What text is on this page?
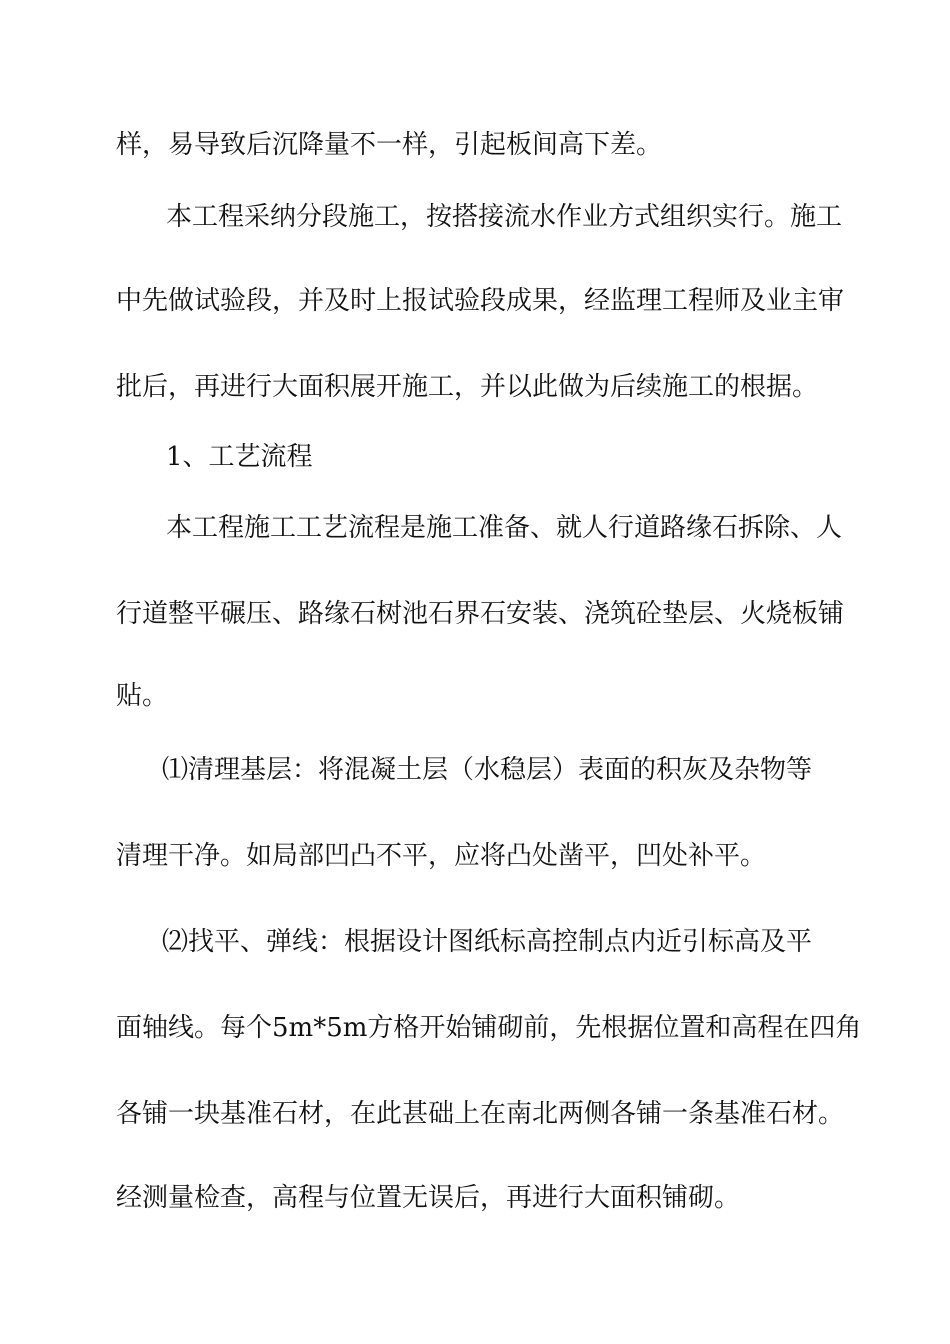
样，易导致后沉降量不一样，引起板间高下差。
本工程采纳分段施工，按搭接流水作业方式组织实行。施工
中先做试验段，并及时上报试验段成果，经监理工程师及业主审
批后，再进行大面积展开施工，并以此做为后续施工的根据。
1、工艺流程
本工程施工工艺流程是施工准备、就人行道路缘石拆除、人
行道整平碾压、路缘石树池石界石安装、浇筑砼垫层、火烧板铺
贴。
⑴清理基层：将混凝土层（水稳层）表面的积灰及杂物等
清理干净。如局部凹凸不平，应将凸处凿平，凹处补平。
⑵找平、弹线：根据设计图纸标高控制点内近引标高及平
面轴线。每个5m*5m方格开始铺砌前，先根据位置和高程在四角
各铺一块基准石材，在此甚础上在南北两侧各铺一条基准石材。
经测量检查，高程与位置无误后，再进行大面积铺砌。
